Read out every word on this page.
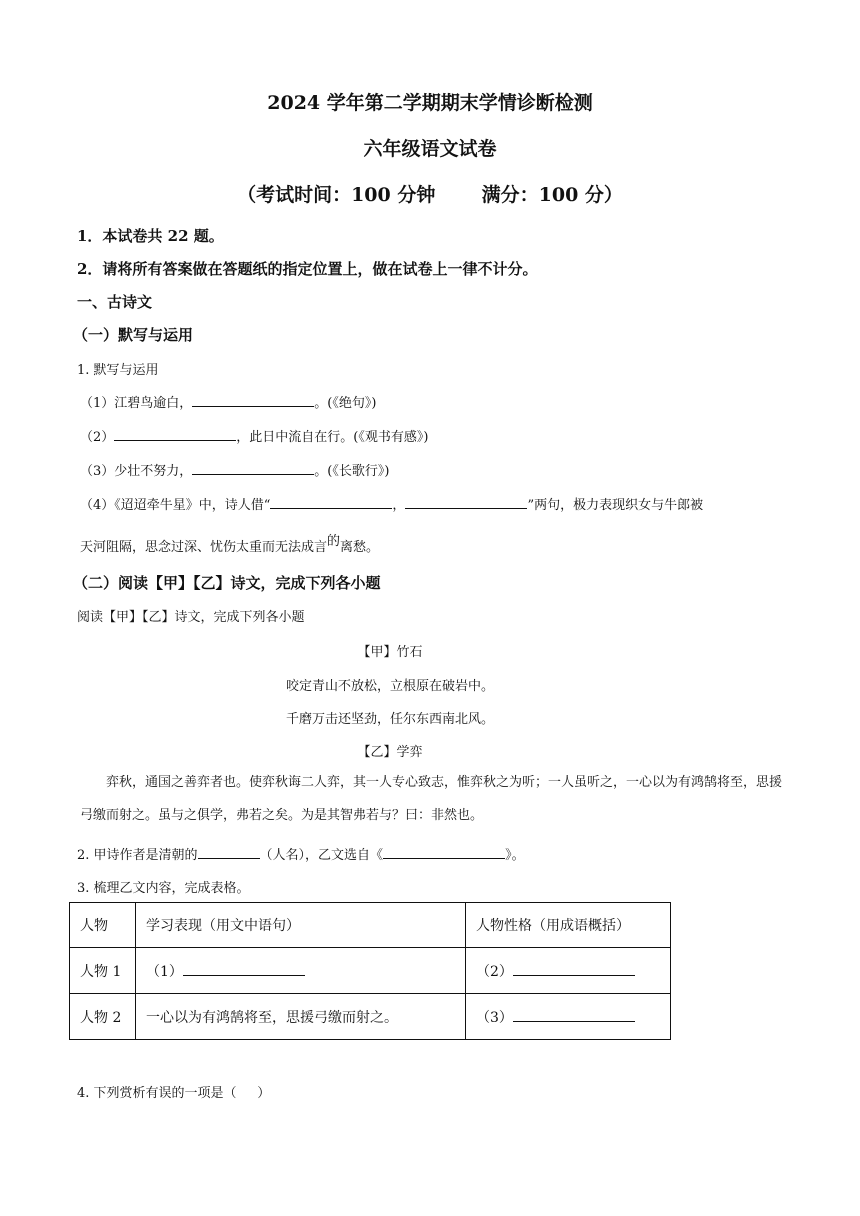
2024 学年第二学期期末学情诊断检测
六年级语文试卷
（考试时间：100 分钟       满分：100 分）
1．本试卷共 22 题。
2．请将所有答案做在答题纸的指定位置上，做在试卷上一律不计分。
一、古诗文
（一）默写与运用
1. 默写与运用
（1）江碧鸟逾白，	。(《绝句》)
（2）	，此日中流自在行。(《观书有感》)
（3）少壮不努力，	。(《长歌行》)
（4）《迢迢牵牛星》中，诗人借“	，	”两句，极力表现织女与牛郎被
天河阻隔，思念过深、忧伤太重而无法成言的离愁。
（二）阅读【甲】【乙】诗文，完成下列各小题
阅读【甲】【乙】诗文，完成下列各小题
【甲】竹石
咬定青山不放松，立根原在破岩中。
千磨万击还坚劲，任尔东西南北风。
【乙】学弈
弈秋，通国之善弈者也。使弈秋诲二人弈，其一人专心致志，惟弈秋之为听；一人虽听之，一心以为有鸿鹄将至，思援弓缴而射之。虽与之俱学，弗若之矣。为是其智弗若与？曰：非然也。
2. 甲诗作者是清朝的	（人名），乙文选自《	》。
3. 梳理乙文内容，完成表格。
人物	学习表现（用文中语句）	人物性格（用成语概括）
人物 1	（1）	（2）
人物 2	一心以为有鸿鹄将至，思援弓缴而射之。	（3）
4. 下列赏析有误的一项是（     ）
